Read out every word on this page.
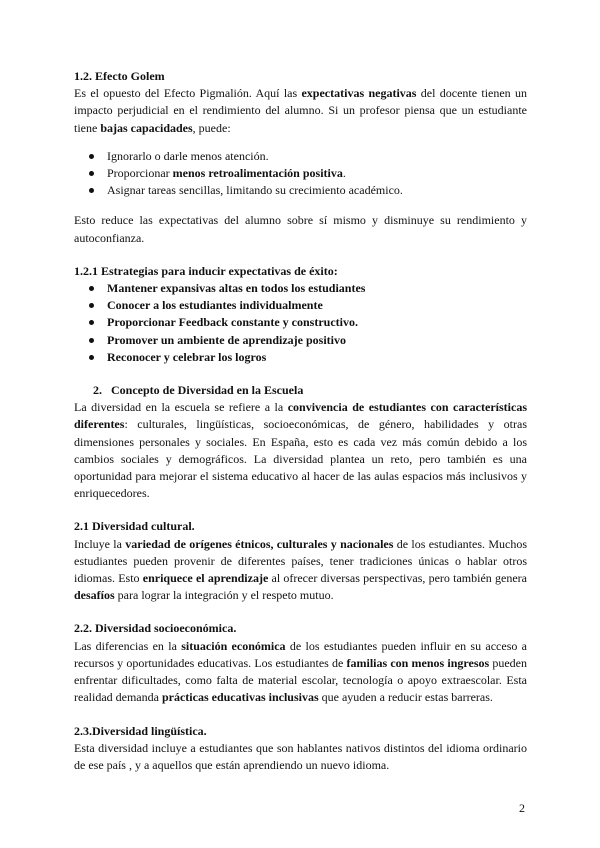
1.2. Efecto Golem

Es el opuesto del Efecto Pigmalión. Aquí las expectativas negativas del docente tienen un impacto perjudicial en el rendimiento del alumno. Si un profesor piensa que un estudiante tiene bajas capacidades, puede:

Ignorarlo o darle menos atención.
Proporcionar menos retroalimentación positiva.
Asignar tareas sencillas, limitando su crecimiento académico.

Esto reduce las expectativas del alumno sobre sí mismo y disminuye su rendimiento y autoconfianza.

1.2.1 Estrategias para inducir expectativas de éxito:

Mantener expansivas altas en todos los estudiantes
Conocer a los estudiantes individualmente
Proporcionar Feedback constante y constructivo.
Promover un ambiente de aprendizaje positivo
Reconocer y celebrar los logros

2. Concepto de Diversidad en la Escuela

La diversidad en la escuela se refiere a la convivencia de estudiantes con características diferentes: culturales, lingüísticas, socioeconómicas, de género, habilidades y otras dimensiones personales y sociales. En España, esto es cada vez más común debido a los cambios sociales y demográficos. La diversidad plantea un reto, pero también es una oportunidad para mejorar el sistema educativo al hacer de las aulas espacios más inclusivos y enriquecedores.

2.1 Diversidad cultural.

Incluye la variedad de orígenes étnicos, culturales y nacionales de los estudiantes. Muchos estudiantes pueden provenir de diferentes países, tener tradiciones únicas o hablar otros idiomas. Esto enriquece el aprendizaje al ofrecer diversas perspectivas, pero también genera desafíos para lograr la integración y el respeto mutuo.

2.2. Diversidad socioeconómica.

Las diferencias en la situación económica de los estudiantes pueden influir en su acceso a recursos y oportunidades educativas. Los estudiantes de familias con menos ingresos pueden enfrentar dificultades, como falta de material escolar, tecnología o apoyo extraescolar. Esta realidad demanda prácticas educativas inclusivas que ayuden a reducir estas barreras.

2.3.Diversidad lingüística.

Esta diversidad incluye a estudiantes que son hablantes nativos distintos del idioma ordinario de ese país , y a aquellos que están aprendiendo un nuevo idioma.

2
